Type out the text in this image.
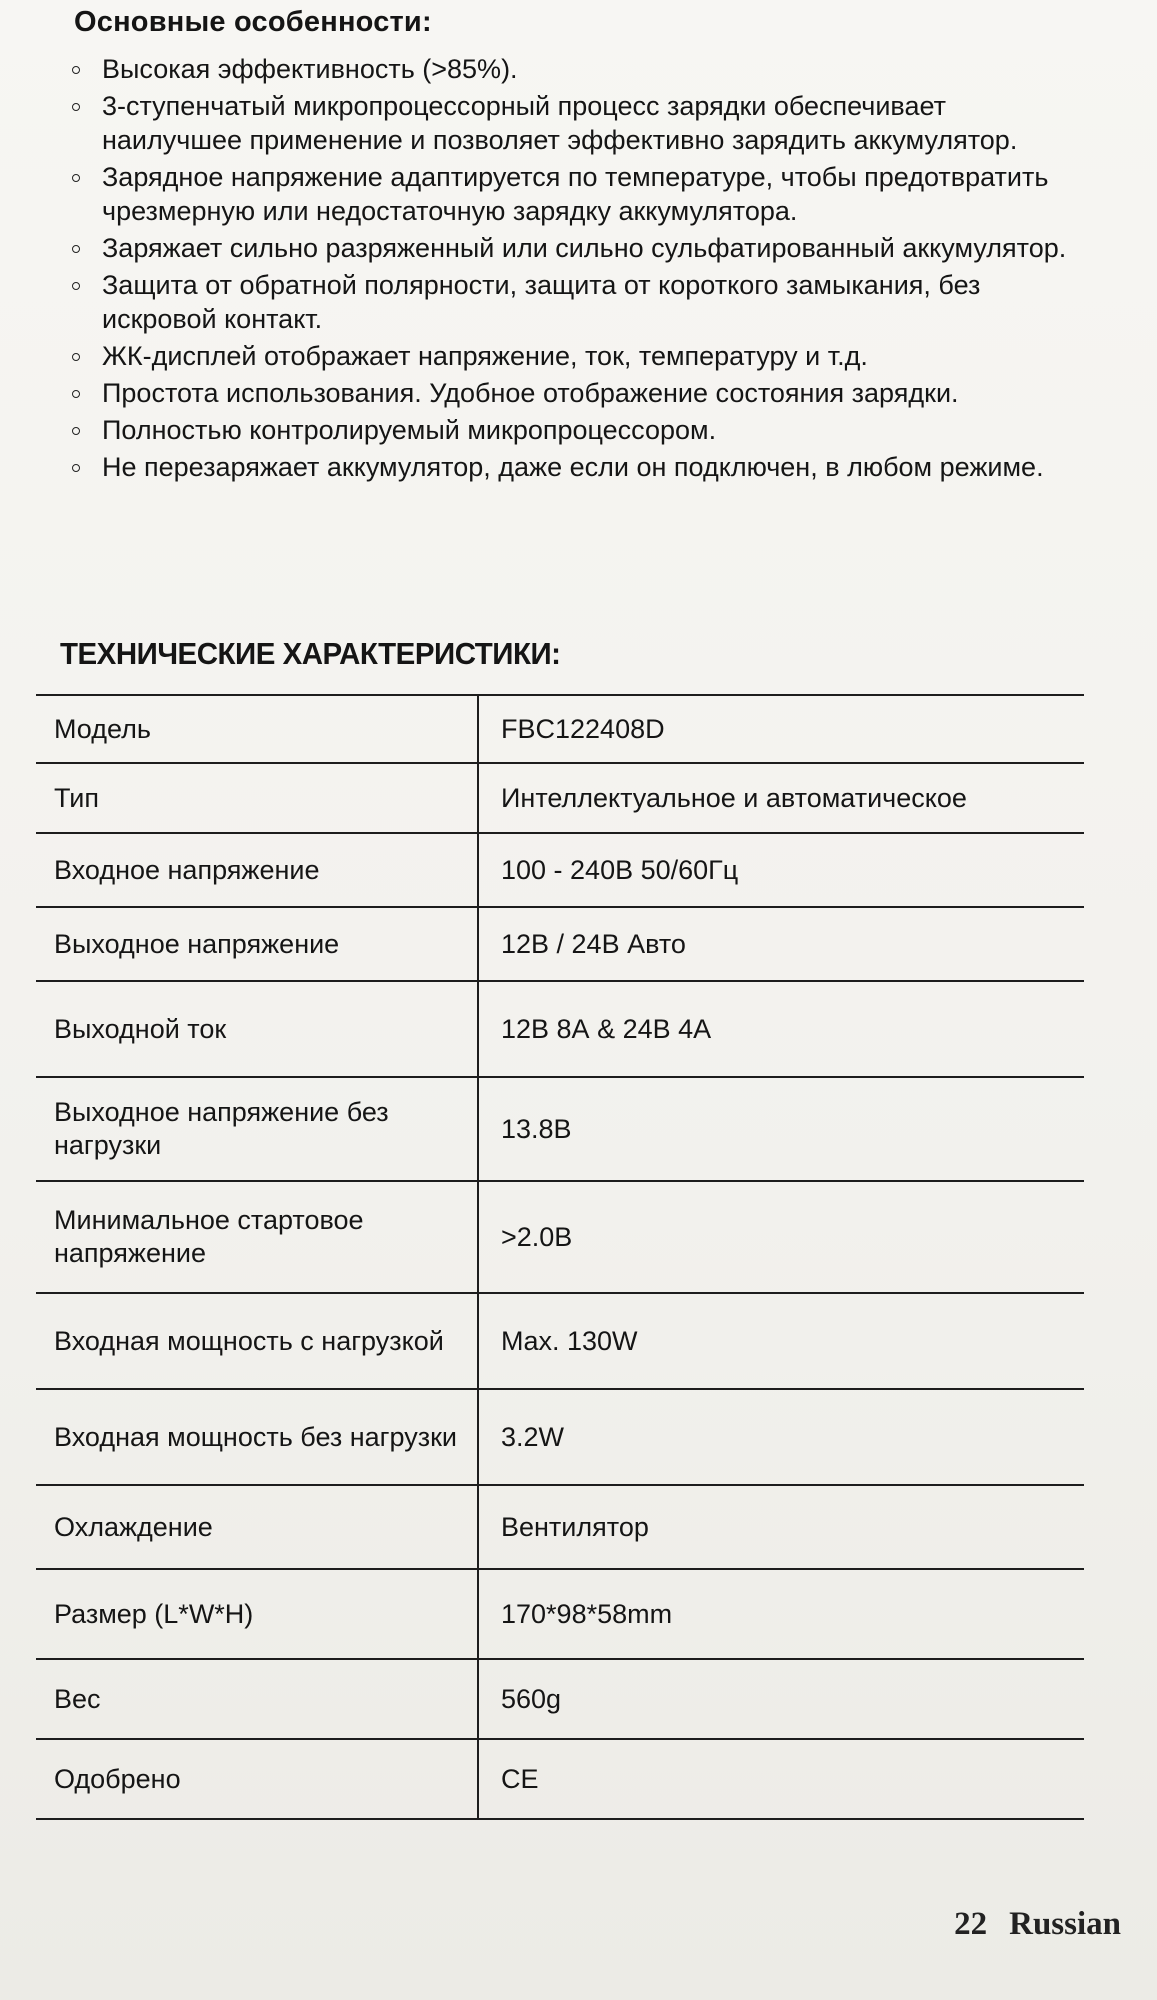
Основные особенности:
Высокая эффективность (>85%).
3-ступенчатый микропроцессорный процесс зарядки обеспечивает наилучшее применение и позволяет эффективно зарядить аккумулятор.
Зарядное напряжение адаптируется по температуре, чтобы предотвратить чрезмерную или недостаточную зарядку аккумулятора.
Заряжает сильно разряженный или сильно сульфатированный аккумулятор.
Защита от обратной полярности, защита от короткого замыкания, без искровой контакт.
ЖК-дисплей отображает напряжение, ток, температуру и т.д.
Простота использования. Удобное отображение состояния зарядки.
Полностью контролируемый микропроцессором.
Не перезаряжает аккумулятор, даже если он подключен, в любом режиме.
ТЕХНИЧЕСКИЕ ХАРАКТЕРИСТИКИ:
Модель	FBC122408D
Тип	Интеллектуальное и автоматическое
Входное напряжение	100 - 240В 50/60Гц
Выходное напряжение	12В / 24В Авто
Выходной ток	12В 8А & 24В 4А
Выходное напряжение без нагрузки	13.8В
Минимальное стартовое напряжение	>2.0В
Входная мощность с нагрузкой	Max. 130W
Входная мощность без нагрузки	3.2W
Охлаждение	Вентилятор
Размер (L*W*H)	170*98*58mm
Вес	560g
Одобрено	CE
22 Russian
